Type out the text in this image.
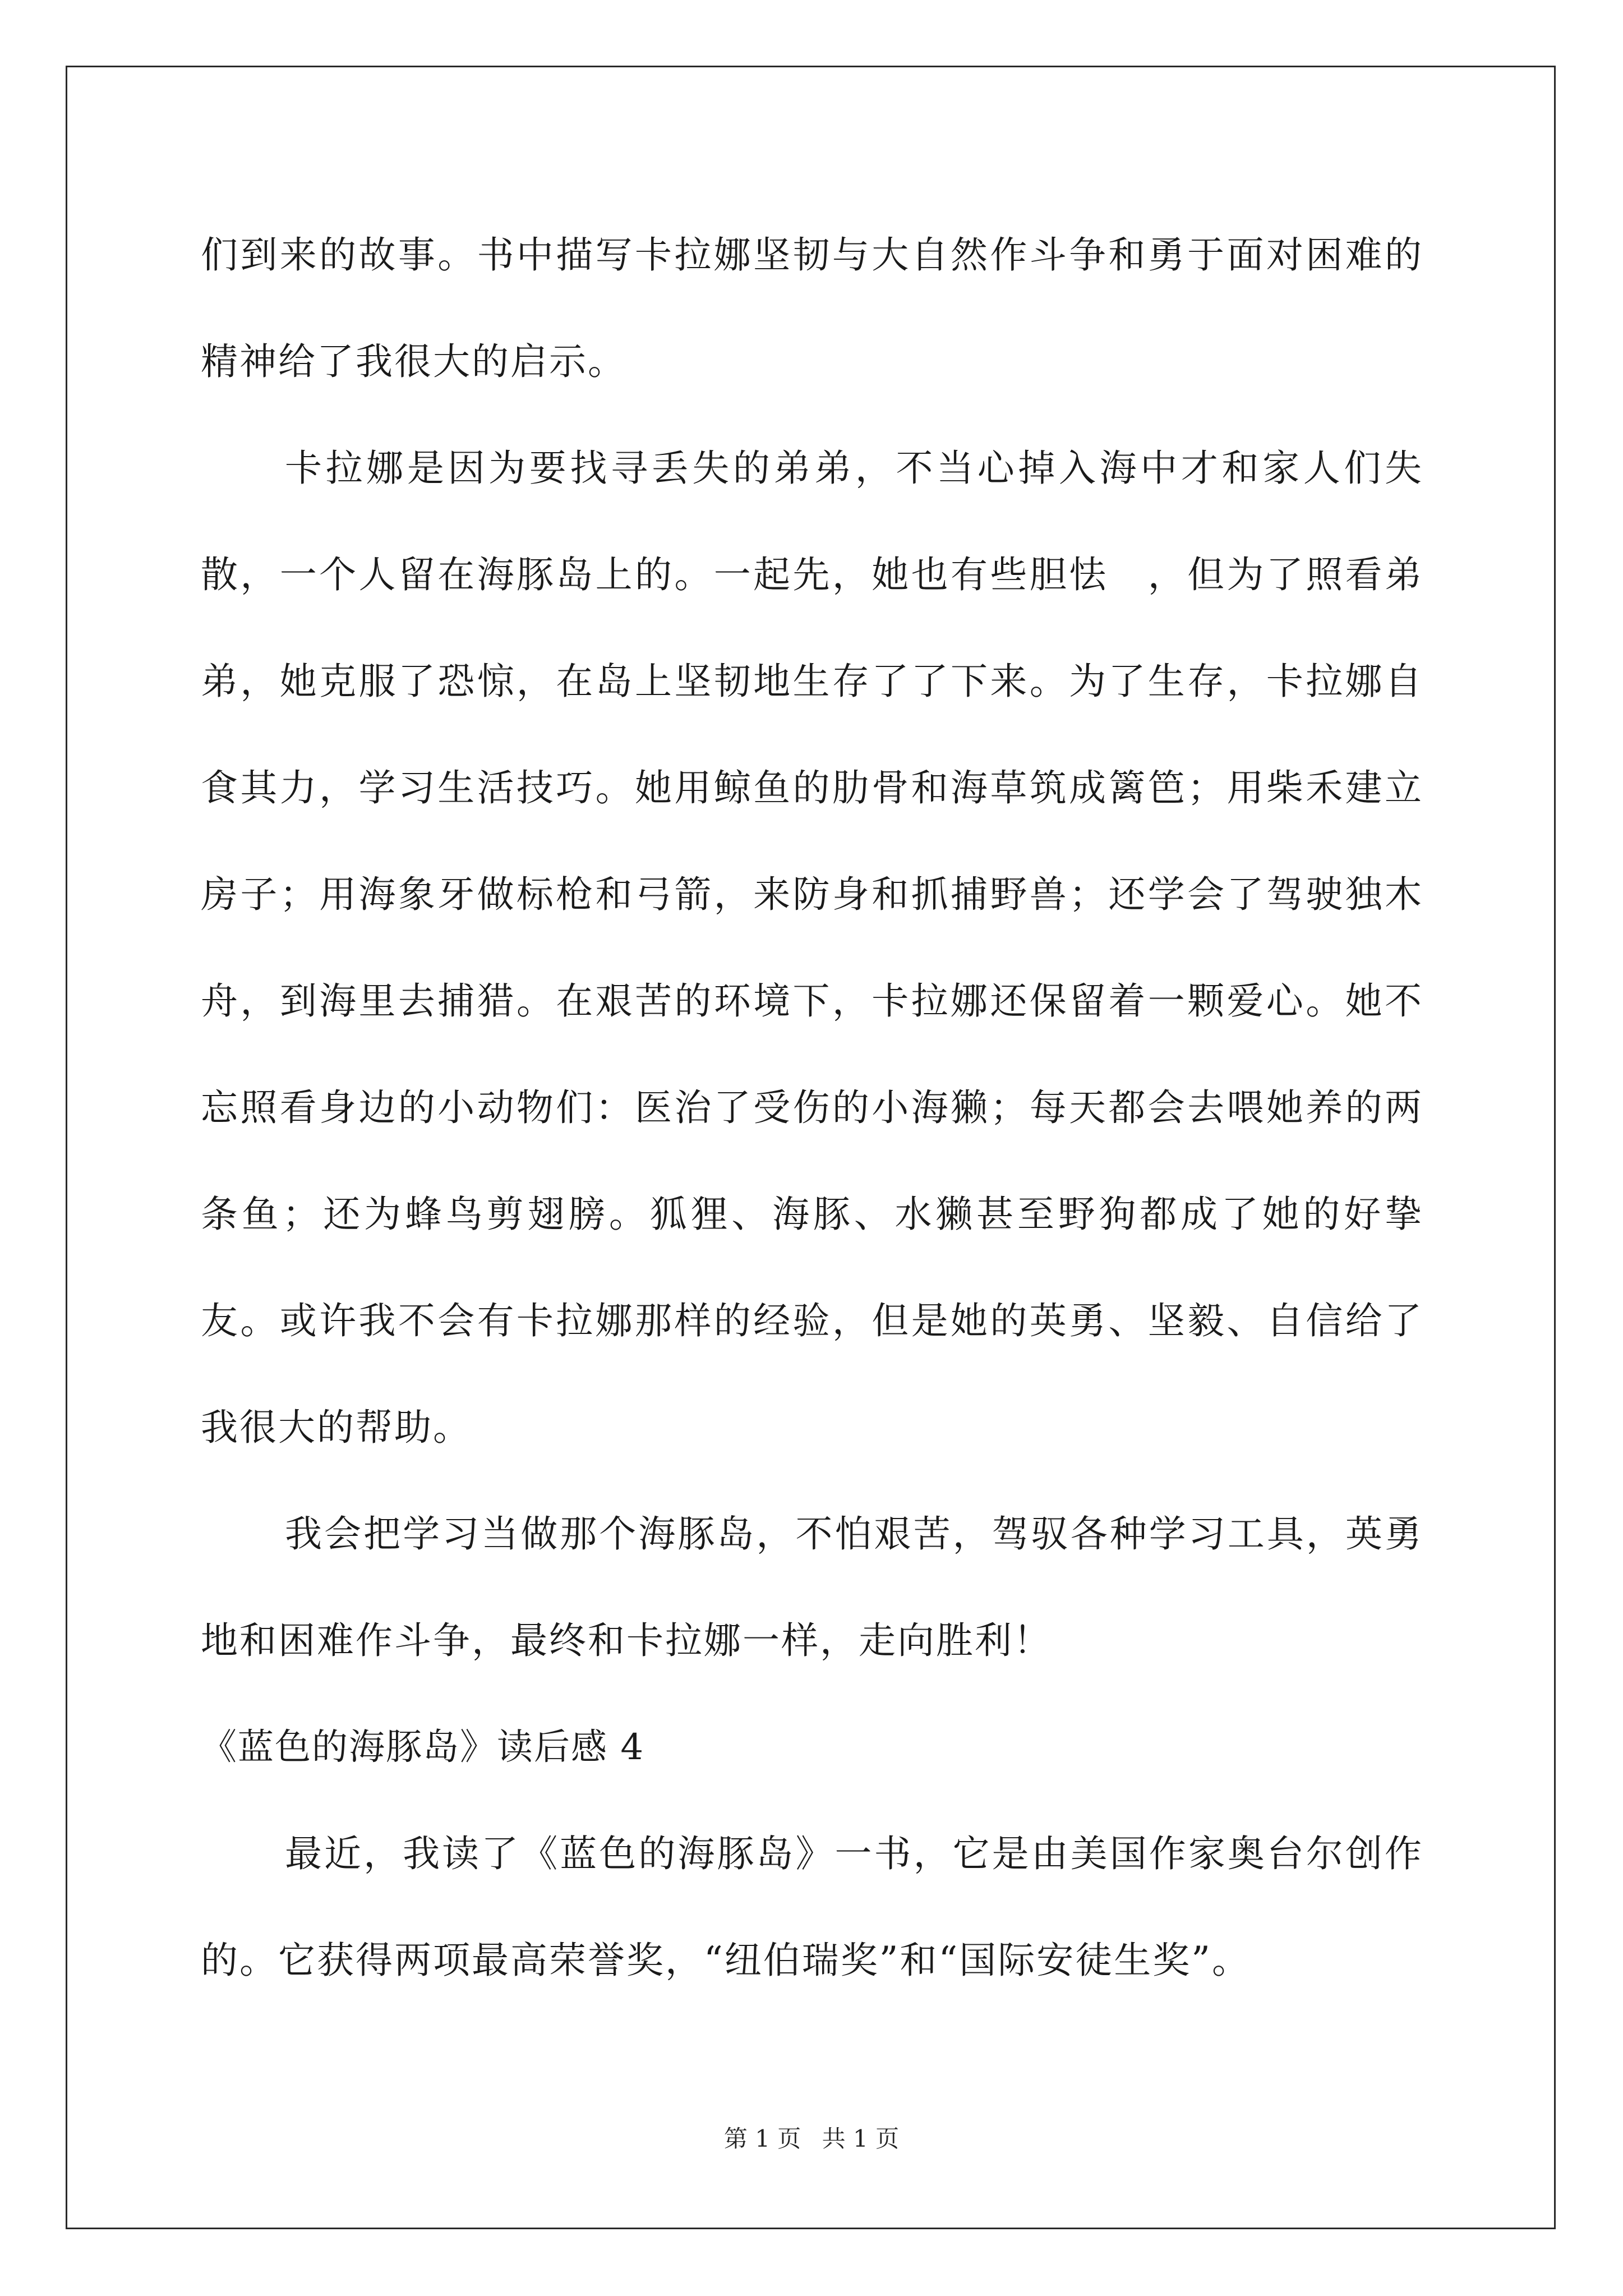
们到来的故事。书中描写卡拉娜坚韧与大自然作斗争和勇于面对困难的精神给了我很大的启示。

卡拉娜是因为要找寻丢失的弟弟，不当心掉入海中才和家人们失散，一个人留在海豚岛上的。一起先，她也有些胆怯　，但为了照看弟弟，她克服了恐惊，在岛上坚韧地生存了了下来。为了生存，卡拉娜自食其力，学习生活技巧。她用鲸鱼的肋骨和海草筑成篱笆；用柴禾建立房子；用海象牙做标枪和弓箭，来防身和抓捕野兽；还学会了驾驶独木舟，到海里去捕猎。在艰苦的环境下，卡拉娜还保留着一颗爱心。她不忘照看身边的小动物们：医治了受伤的小海獭；每天都会去喂她养的两条鱼；还为蜂鸟剪翅膀。狐狸、海豚、水獭甚至野狗都成了她的好挚友。或许我不会有卡拉娜那样的经验，但是她的英勇、坚毅、自信给了我很大的帮助。

我会把学习当做那个海豚岛，不怕艰苦，驾驭各种学习工具，英勇地和困难作斗争，最终和卡拉娜一样，走向胜利！

《蓝色的海豚岛》读后感 4

最近，我读了《蓝色的海豚岛》一书，它是由美国作家奥台尔创作的。它获得两项最高荣誉奖，“纽伯瑞奖”和“国际安徒生奖”。

第 1 页 共 1 页
